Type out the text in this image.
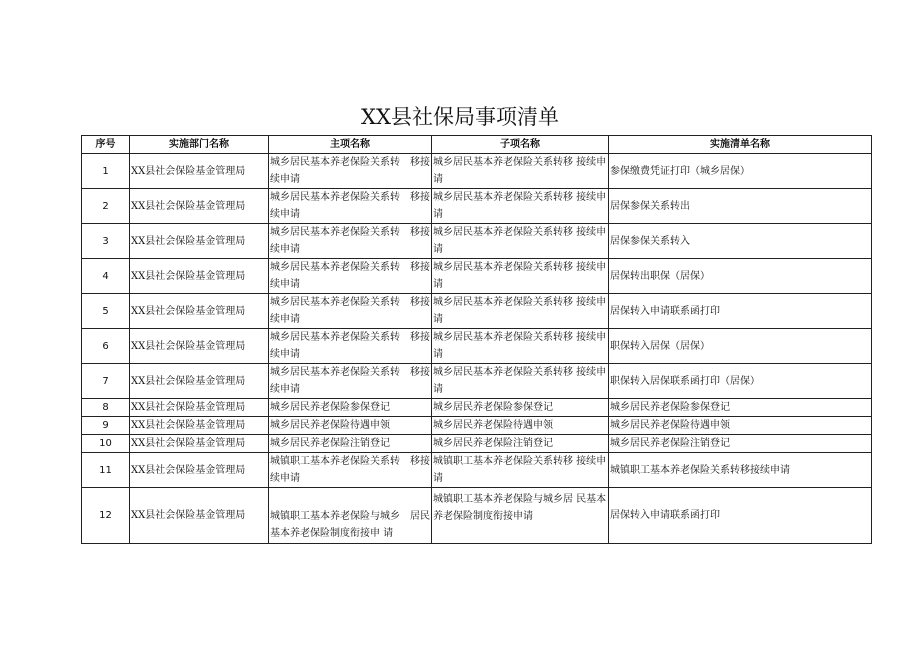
XX县社保局事项清单
序号	实施部门名称	主项名称	子项名称	实施清单名称
1	XX县社会保险基金管理局	城乡居民基本养老保险关系转　移接续申请	城乡居民基本养老保险关系转移 接续申请	参保缴费凭证打印（城乡居保）
2	XX县社会保险基金管理局	城乡居民基本养老保险关系转　移接续申请	城乡居民基本养老保险关系转移 接续申请	居保参保关系转出
3	XX县社会保险基金管理局	城乡居民基本养老保险关系转　移接续申请	城乡居民基本养老保险关系转移 接续申请	居保参保关系转入
4	XX县社会保险基金管理局	城乡居民基本养老保险关系转　移接续申请	城乡居民基本养老保险关系转移 接续申请	居保转出职保（居保）
5	XX县社会保险基金管理局	城乡居民基本养老保险关系转　移接续申请	城乡居民基本养老保险关系转移 接续申请	居保转入申请联系函打印
6	XX县社会保险基金管理局	城乡居民基本养老保险关系转　移接续申请	城乡居民基本养老保险关系转移 接续申请	职保转入居保（居保）
7	XX县社会保险基金管理局	城乡居民基本养老保险关系转　移接续申请	城乡居民基本养老保险关系转移 接续申请	职保转入居保联系函打印（居保）
8	XX县社会保险基金管理局	城乡居民养老保险参保登记	城乡居民养老保险参保登记	城乡居民养老保险参保登记
9	XX县社会保险基金管理局	城乡居民养老保险待遇申领	城乡居民养老保险待遇申领	城乡居民养老保险待遇申领
10	XX县社会保险基金管理局	城乡居民养老保险注销登记	城乡居民养老保险注销登记	城乡居民养老保险注销登记
11	XX县社会保险基金管理局	城镇职工基本养老保险关系转　移接续申请	城镇职工基本养老保险关系转移 接续申请	城镇职工基本养老保险关系转移接续申请
12	XX县社会保险基金管理局	城镇职工基本养老保险与城乡　居民基本养老保险制度衔接申 请	城镇职工基本养老保险与城乡居 民基本养老保险制度衔接申请	居保转入申请联系函打印
